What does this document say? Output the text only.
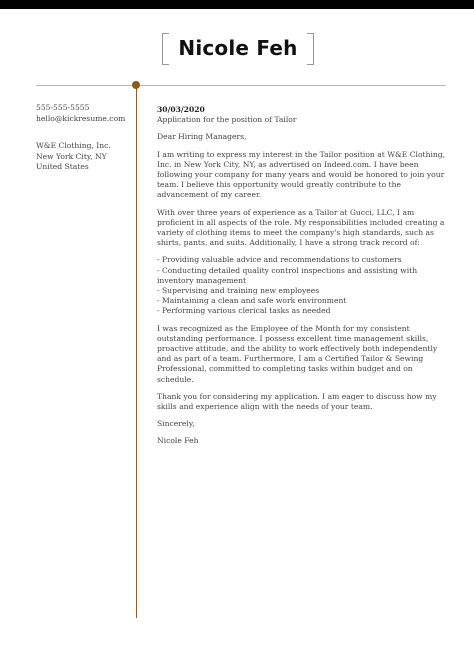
Nicole Feh
555-555-5555
hello@kickresume.com
W&E Clothing, Inc.
New York City, NY
United States
30/03/2020

Application for the position of Tailor

Dear Hiring Managers,

I am writing to express my interest in the Tailor position at W&E Clothing, Inc. in New York City, NY, as advertised on Indeed.com. I have been following your company for many years and would be honored to join your team. I believe this opportunity would greatly contribute to the advancement of my career.

With over three years of experience as a Tailor at Gucci, LLC, I am proficient in all aspects of the role. My responsibilities included creating a variety of clothing items to meet the company's high standards, such as shirts, pants, and suits. Additionally, I have a strong track record of:

- Providing valuable advice and recommendations to customers
- Conducting detailed quality control inspections and assisting with inventory management
- Supervising and training new employees
- Maintaining a clean and safe work environment
- Performing various clerical tasks as needed

I was recognized as the Employee of the Month for my consistent outstanding performance. I possess excellent time management skills, proactive attitude, and the ability to work effectively both independently and as part of a team. Furthermore, I am a Certified Tailor & Sewing Professional, committed to completing tasks within budget and on schedule.

Thank you for considering my application. I am eager to discuss how my skills and experience align with the needs of your team.

Sincerely,

Nicole Feh
